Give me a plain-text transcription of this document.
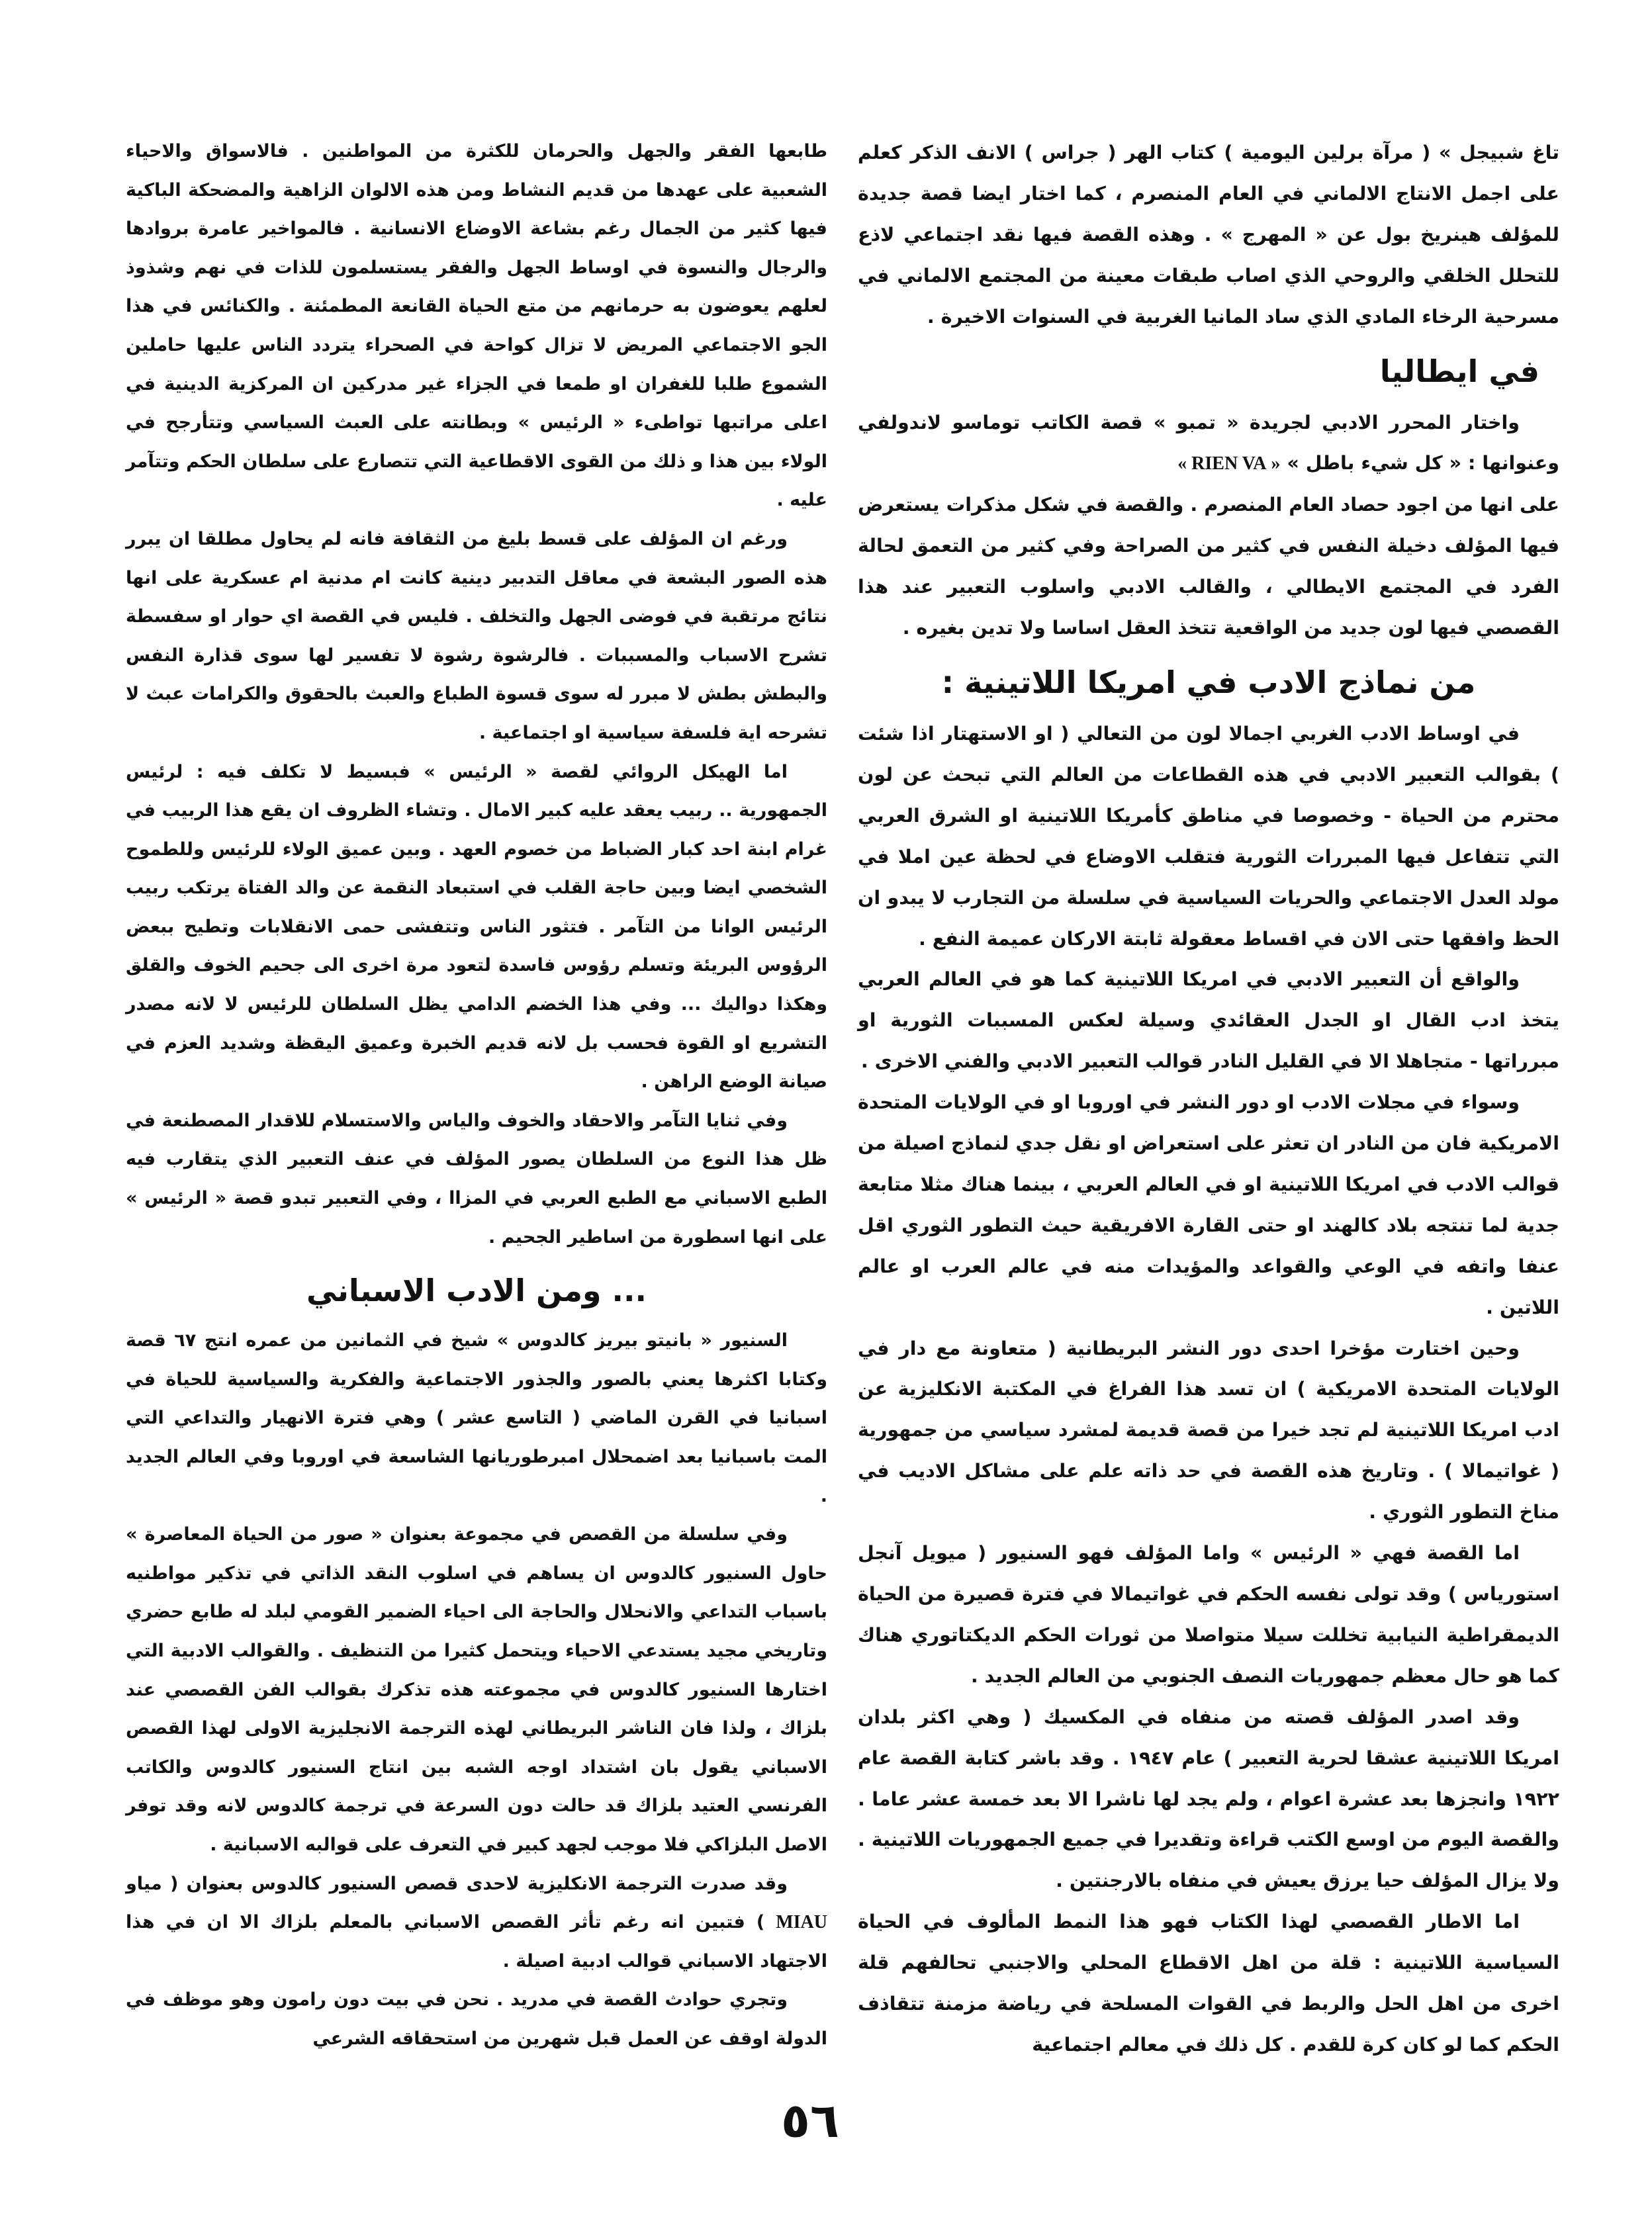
تاغ شبيجل » ( مرآة برلين اليومية ) كتاب الهر ( جراس ) الانف الذكر كعلم على اجمل الانتاج الالماني في العام المنصرم ، كما اختار ايضا قصة جديدة للمؤلف هينريخ بول عن « المهرج » . وهذه القصة فيها نقد اجتماعي لاذع للتحلل الخلقي والروحي الذي اصاب طبقات معينة من المجتمع الالماني في مسرحية الرخاء المادي الذي ساد المانيا الغربية في السنوات الاخيرة .

في ايطاليا

واختار المحرر الادبي لجريدة « تمبو » قصة الكاتب توماسو لاندولفي وعنوانها : « كل شيء باطل » « RIEN VA »

على انها من اجود حصاد العام المنصرم . والقصة في شكل مذكرات يستعرض فيها المؤلف دخيلة النفس في كثير من الصراحة وفي كثير من التعمق لحالة الفرد في المجتمع الايطالي ، والقالب الادبي واسلوب التعبير عند هذا القصصي فيها لون جديد من الواقعية تتخذ العقل اساسا ولا تدين بغيره .

من نماذج الادب في امريكا اللاتينية :

في اوساط الادب الغربي اجمالا لون من التعالي ( او الاستهتار اذا شئت ) بقوالب التعبير الادبي في هذه القطاعات من العالم التي تبحث عن لون محترم من الحياة - وخصوصا في مناطق كأمريكا اللاتينية او الشرق العربي التي تتفاعل فيها المبررات الثورية فتقلب الاوضاع في لحظة عين املا في مولد العدل الاجتماعي والحريات السياسية في سلسلة من التجارب لا يبدو ان الحظ وافقها حتى الان في اقساط معقولة ثابتة الاركان عميمة النفع .

والواقع أن التعبير الادبي في امريكا اللاتينية كما هو في العالم العربي يتخذ ادب القال او الجدل العقائدي وسيلة لعكس المسببات الثورية او مبرراتها - متجاهلا الا في القليل النادر قوالب التعبير الادبي والفني الاخرى .

وسواء في مجلات الادب او دور النشر في اوروبا او في الولايات المتحدة الامريكية فان من النادر ان تعثر على استعراض او نقل جدي لنماذج اصيلة من قوالب الادب في امريكا اللاتينية او في العالم العربي ، بينما هناك مثلا متابعة جدية لما تنتجه بلاد كالهند او حتى القارة الافريقية حيث التطور الثوري اقل عنفا واتفه في الوعي والقواعد والمؤيدات منه في عالم العرب او عالم اللاتين .

وحين اختارت مؤخرا احدى دور النشر البريطانية ( متعاونة مع دار في الولايات المتحدة الامريكية ) ان تسد هذا الفراغ في المكتبة الانكليزية عن ادب امريكا اللاتينية لم تجد خيرا من قصة قديمة لمشرد سياسي من جمهورية ( غواتيمالا ) . وتاريخ هذه القصة في حد ذاته علم على مشاكل الاديب في مناخ التطور الثوري .

اما القصة فهي « الرئيس » واما المؤلف فهو السنيور ( ميويل آنجل استورياس ) وقد تولى نفسه الحكم في غواتيمالا في فترة قصيرة من الحياة الديمقراطية النيابية تخللت سيلا متواصلا من ثورات الحكم الديكتاتوري هناك كما هو حال معظم جمهوريات النصف الجنوبي من العالم الجديد .

وقد اصدر المؤلف قصته من منفاه في المكسيك ( وهي اكثر بلدان امريكا اللاتينية عشقا لحرية التعبير ) عام ١٩٤٧ . وقد باشر كتابة القصة عام ١٩٢٢ وانجزها بعد عشرة اعوام ، ولم يجد لها ناشرا الا بعد خمسة عشر عاما . والقصة اليوم من اوسع الكتب قراءة وتقديرا في جميع الجمهوريات اللاتينية . ولا يزال المؤلف حيا يرزق يعيش في منفاه بالارجنتين .

اما الاطار القصصي لهذا الكتاب فهو هذا النمط المألوف في الحياة السياسية اللاتينية : قلة من اهل الاقطاع المحلي والاجنبي تحالفهم قلة اخرى من اهل الحل والربط في القوات المسلحة في رياضة مزمنة تتقاذف الحكم كما لو كان كرة للقدم . كل ذلك في معالم اجتماعية

طابعها الفقر والجهل والحرمان للكثرة من المواطنين . فالاسواق والاحياء الشعبية على عهدها من قديم النشاط ومن هذه الالوان الزاهية والمضحكة الباكية فيها كثير من الجمال رغم بشاعة الاوضاع الانسانية . فالمواخير عامرة بروادها والرجال والنسوة في اوساط الجهل والفقر يستسلمون للذات في نهم وشذوذ لعلهم يعوضون به حرمانهم من متع الحياة القانعة المطمئنة . والكنائس في هذا الجو الاجتماعي المريض لا تزال كواحة في الصحراء يتردد الناس عليها حاملين الشموع طلبا للغفران او طمعا في الجزاء غير مدركين ان المركزية الدينية في اعلى مراتبها تواطىء « الرئيس » وبطانته على العبث السياسي وتتأرجح في الولاء بين هذا و ذلك من القوى الاقطاعية التي تتصارع على سلطان الحكم وتتآمر عليه .

ورغم ان المؤلف على قسط بليغ من الثقافة فانه لم يحاول مطلقا ان يبرر هذه الصور البشعة في معاقل التدبير دينية كانت ام مدنية ام عسكرية على انها نتائج مرتقبة في فوضى الجهل والتخلف . فليس في القصة اي حوار او سفسطة تشرح الاسباب والمسببات . فالرشوة رشوة لا تفسير لها سوى قذارة النفس والبطش بطش لا مبرر له سوى قسوة الطباع والعبث بالحقوق والكرامات عبث لا تشرحه اية فلسفة سياسية او اجتماعية .

اما الهيكل الروائي لقصة « الرئيس » فبسيط لا تكلف فيه : لرئيس الجمهورية .. ربيب يعقد عليه كبير الامال . وتشاء الظروف ان يقع هذا الربيب في غرام ابنة احد كبار الضباط من خصوم العهد . وبين عميق الولاء للرئيس وللطموح الشخصي ايضا وبين حاجة القلب في استبعاد النقمة عن والد الفتاة يرتكب ربيب الرئيس الوانا من التآمر . فتثور الناس وتتفشى حمى الانقلابات وتطيح ببعض الرؤوس البريئة وتسلم رؤوس فاسدة لتعود مرة اخرى الى جحيم الخوف والقلق وهكذا دواليك ... وفي هذا الخضم الدامي يظل السلطان للرئيس لا لانه مصدر التشريع او القوة فحسب بل لانه قديم الخبرة وعميق اليقظة وشديد العزم في صيانة الوضع الراهن .

وفي ثنايا التآمر والاحقاد والخوف والياس والاستسلام للاقدار المصطنعة في ظل هذا النوع من السلطان يصور المؤلف في عنف التعبير الذي يتقارب فيه الطبع الاسباني مع الطبع العربي في المزاا ، وفي التعبير تبدو قصة « الرئيس » على انها اسطورة من اساطير الجحيم .

... ومن الادب الاسباني

السنيور « بانيتو بيريز كالدوس » شيخ في الثمانين من عمره انتج ٦٧ قصة وكتابا اكثرها يعني بالصور والجذور الاجتماعية والفكرية والسياسية للحياة في اسبانيا في القرن الماضي ( التاسع عشر ) وهي فترة الانهيار والتداعي التي المت باسبانيا بعد اضمحلال امبرطوريانها الشاسعة في اوروبا وفي العالم الجديد .

وفي سلسلة من القصص في مجموعة بعنوان « صور من الحياة المعاصرة » حاول السنيور كالدوس ان يساهم في اسلوب النقد الذاتي في تذكير مواطنيه باسباب التداعي والانحلال والحاجة الى احياء الضمير القومي لبلد له طابع حضري وتاريخي مجيد يستدعي الاحياء ويتحمل كثيرا من التنظيف . والقوالب الادبية التي اختارها السنيور كالدوس في مجموعته هذه تذكرك بقوالب الفن القصصي عند بلزاك ، ولذا فان الناشر البريطاني لهذه الترجمة الانجليزية الاولى لهذا القصص الاسباني يقول بان اشتداد اوجه الشبه بين انتاج السنيور كالدوس والكاتب الفرنسي العتيد بلزاك قد حالت دون السرعة في ترجمة كالدوس لانه وقد توفر الاصل البلزاكي فلا موجب لجهد كبير في التعرف على قوالبه الاسبانية .

وقد صدرت الترجمة الانكليزية لاحدى قصص السنيور كالدوس بعنوان ( مياو MIAU ) فتبين انه رغم تأثر القصص الاسباني بالمعلم بلزاك الا ان في هذا الاجتهاد الاسباني قوالب ادبية اصيلة .

وتجري حوادث القصة في مدريد . نحن في بيت دون رامون وهو موظف في الدولة اوقف عن العمل قبل شهرين من استحقاقه الشرعي

٥٦
